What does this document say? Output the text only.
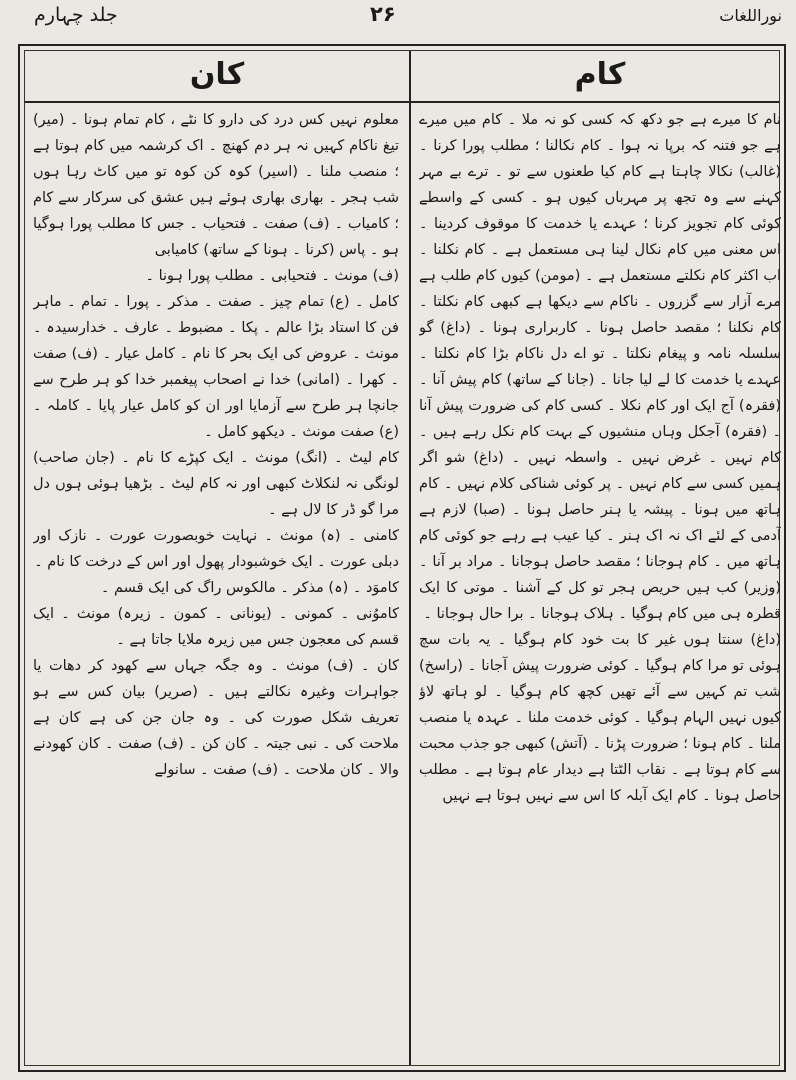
جلد چہارم	۲۶	نوراللغات
کان	کام

معلوم نہیں کس درد کی دارو کا نٹے ، کام تمام ہونا ۔ (میر) تیغ ناکام کہیں نہ ہر دم کھنچ ۔ اک کرشمہ میں کام ہوتا ہے ؛ منصب ملنا ۔ (اسیر) کوہ کن کوہ تو میں کاٹ رہا ہوں شب ہجر ۔ بھاری بھاری ہوئے ہیں عشق کی سرکار سے کام ؛ کامیاب ۔ (ف) صفت ۔ فتحیاب ۔ جس کا مطلب پورا ہوگیا ہو ۔ پاس (کرنا ۔ ہونا کے ساتھ) کامیابی

(ف) مونث ۔ فتحیابی ۔ مطلب پورا ہونا ۔

کامل ۔ (ع) تمام چیز ۔ صفت ۔ مذکر ۔ پورا ۔ تمام ۔ ماہر فن کا استاد بڑا عالم ۔ پکا ۔ مضبوط ۔ عارف ۔ خدارسیدہ ۔ مونث ۔ عروض کی ایک بحر کا نام ۔ کامل عیار ۔ (ف) صفت ۔ کھرا ۔ (امانی) خدا نے اصحاب پیغمبر خدا کو ہر طرح سے جانچا ہر طرح سے آزمایا اور ان کو کامل عیار پایا ۔ کاملہ ۔ (ع) صفت مونث ۔ دیکھو کامل ۔

کام لیٹ ۔ (انگ) مونث ۔ ایک کپڑے کا نام ۔ (جان صاحب) لونگی نہ لنکلاٹ کبھی اور نہ کام لیٹ ۔ بڑھیا ہوئی ہوں دل مرا گو ڈر کا لال ہے ۔

کامنی ۔ (ہ) مونث ۔ نہایت خوبصورت عورت ۔ نازک اور دبلی عورت ۔ ایک خوشبودار پھول اور اس کے درخت کا نام ۔

کاموَد ۔ (ہ) مذکر ۔ مالکوس راگ کی ایک قسم ۔

کاموُنی ۔ کمونی ۔ (یونانی ۔ کمون ۔ زیرہ) مونث ۔ ایک قسم کی معجون جس میں زیرہ ملایا جاتا ہے ۔

کان ۔ (ف) مونث ۔ وہ جگہ جہاں سے کھود کر دھات یا جواہرات وغیرہ نکالتے ہیں ۔ (صریر) بیان کس سے ہو تعریف شکل صورت کی ۔ وہ جان جن کی ہے کان ہے ملاحت کی ۔ نبی جیتہ ۔ کان کن ۔ (ف) صفت ۔ کان کھودنے والا ۔ کان ملاحت ۔ (ف) صفت ۔ سانولے

نام کا میرے ہے جو دکھ کہ کسی کو نہ ملا ۔ کام میں میرے ہے جو فتنہ کہ برپا نہ ہوا ۔ کام نکالنا ؛ مطلب پورا کرنا ۔ (غالب) نکالا چاہتا ہے کام کیا طعنوں سے تو ۔ ترے بے مہر کہنے سے وہ تجھ پر مہرباں کیوں ہو ۔ کسی کے واسطے کوئی کام تجویز کرنا ؛ عہدے یا خدمت کا موقوف کردینا ۔ اس معنی میں کام نکال لینا ہی مستعمل ہے ۔ کام نکلنا ۔ اب اکثر کام نکلتے مستعمل ہے ۔ (مومن) کیوں کام طلب ہے مرے آزار سے گزروں ۔ ناکام سے دیکھا ہے کبھی کام نکلتا ۔ کام نکلنا ؛ مقصد حاصل ہونا ۔ کاربراری ہونا ۔ (داغ) گو سلسلہ نامہ و پیغام نکلتا ۔ تو اے دل ناکام بڑا کام نکلتا ۔ عہدے یا خدمت کا لے لیا جانا ۔ (جانا کے ساتھ) کام پیش آنا ۔ (فقرہ) آج ایک اور کام نکلا ۔ کسی کام کی ضرورت پیش آنا ۔ (فقرہ) آجکل وہاں منشیوں کے بہت کام نکل رہے ہیں ۔ کام نہیں ۔ غرض نہیں ۔ واسطہ نہیں ۔ (داغ) شو اگر ہمیں کسی سے کام نہیں ۔ پر کوئی شناکی کلام نہیں ۔ کام ہاتھ میں ہونا ۔ پیشہ یا ہنر حاصل ہونا ۔ (صبا) لازم ہے آدمی کے لئے اک نہ اک ہنر ۔ کیا عیب ہے رہے جو کوئی کام ہاتھ میں ۔ کام ہوجانا ؛ مقصد حاصل ہوجانا ۔ مراد بر آنا ۔ (وزیر) کب ہیں حریص ہجر تو کل کے آشنا ۔ موتی کا ایک قطرہ ہی میں کام ہوگیا ۔ ہلاک ہوجانا ۔ برا حال ہوجانا ۔

(داغ) سنتا ہوں غیر کا بت خود کام ہوگیا ۔ یہ بات سچ ہوئی تو مرا کام ہوگیا ۔ کوئی ضرورت پیش آجانا ۔ (راسخ) شب تم کہیں سے آئے تھیں کچھ کام ہوگیا ۔ لو ہاتھ لاؤ کیوں نہیں الہام ہوگیا ۔ کوئی خدمت ملنا ۔ عہدہ یا منصب ملنا ۔ کام ہونا ؛ ضرورت پڑنا ۔ (آتش) کبھی جو جذب محبت سے کام ہوتا ہے ۔ نقاب الٹتا ہے دیدار عام ہوتا ہے ۔ مطلب حاصل ہونا ۔ کام ایک آبلہ کا اس سے نہیں ہوتا ہے نہیں
